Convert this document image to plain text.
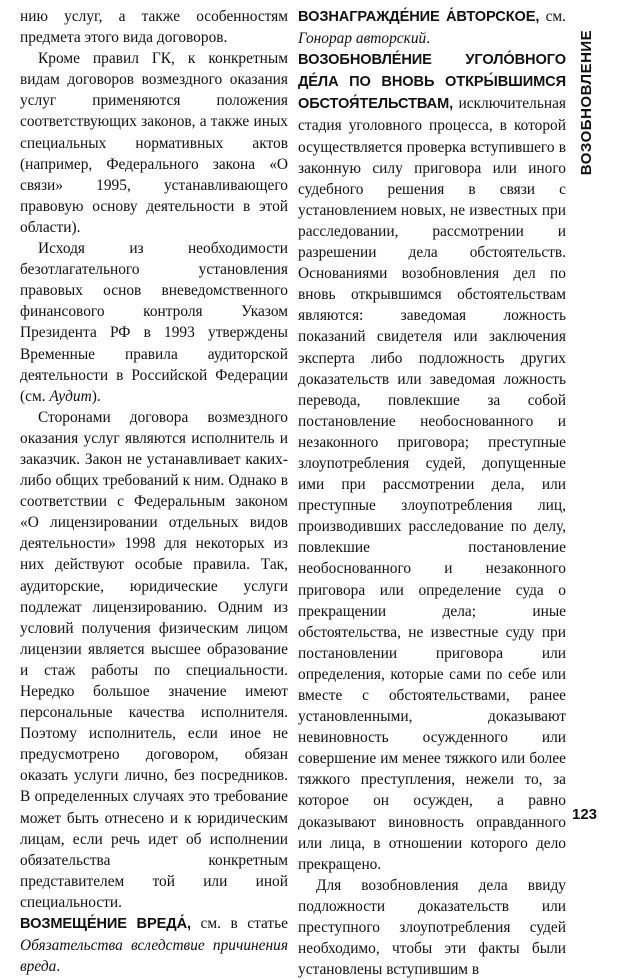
нию услуг, а также особенностям предмета этого вида договоров.

Кроме правил ГК, к конкретным видам договоров возмездного оказания услуг применяются положения соответствующих законов, а также иных специальных нормативных актов (например, Федерального закона «О связи» 1995, устанавливающего правовую основу деятельности в этой области).

Исходя из необходимости безотлагательного установления правовых основ вневедомственного финансового контроля Указом Президента РФ в 1993 утверждены Временные правила аудиторской деятельности в Российской Федерации (см. Аудит).

Сторонами договора возмездного оказания услуг являются исполнитель и заказчик. Закон не устанавливает каких-либо общих требований к ним. Однако в соответствии с Федеральным законом «О лицензировании отдельных видов деятельности» 1998 для некоторых из них действуют особые правила. Так, аудиторские, юридические услуги подлежат лицензированию. Одним из условий получения физическим лицом лицензии является высшее образование и стаж работы по специальности. Нередко большое значение имеют персональные качества исполнителя. Поэтому исполнитель, если иное не предусмотрено договором, обязан оказать услуги лично, без посредников. В определенных случаях это требование может быть отнесено и к юридическим лицам, если речь идет об исполнении обязательства конкретным представителем той или иной специальности.

ВОЗМЕЩЕ́НИЕ ВРЕДА́, см. в статье Обязательства вследствие причинения вреда.

ВОЗНАГРАЖДЕ́НИЕ А́ВТОРСКОЕ, см. Гонорар авторский.

ВОЗОБНОВЛЕ́НИЕ УГОЛО́ВНОГО ДЕ́ЛА ПО ВНОВЬ ОТКРЫ́ВШИМСЯ ОБСТОЯ́ТЕЛЬСТВАМ, исключительная стадия уголовного процесса, в которой осуществляется проверка вступившего в законную силу приговора или иного судебного решения в связи с установлением новых, не известных при расследовании, рассмотрении и разрешении дела обстоятельств. Основаниями возобновления дел по вновь открывшимся обстоятельствам являются: заведомая ложность показаний свидетеля или заключения эксперта либо подложность других доказательств или заведомая ложность перевода, повлекшие за собой постановление необоснованного и незаконного приговора; преступные злоупотребления судей, допущенные ими при рассмотрении дела, или преступные злоупотребления лиц, производивших расследование по делу, повлекшие постановление необоснованного и незаконного приговора или определение суда о прекращении дела; иные обстоятельства, не известные суду при постановлении приговора или определения, которые сами по себе или вместе с обстоятельствами, ранее установленными, доказывают невиновность осужденного или совершение им менее тяжкого или более тяжкого преступления, нежели то, за которое он осужден, а равно доказывают виновность оправданного или лица, в отношении которого дело прекращено.

Для возобновления дела ввиду подложности доказательств или преступного злоупотребления судей необходимо, чтобы эти факты были установлены вступившим в

ВОЗОБНОВЛЕНИЕ
123
